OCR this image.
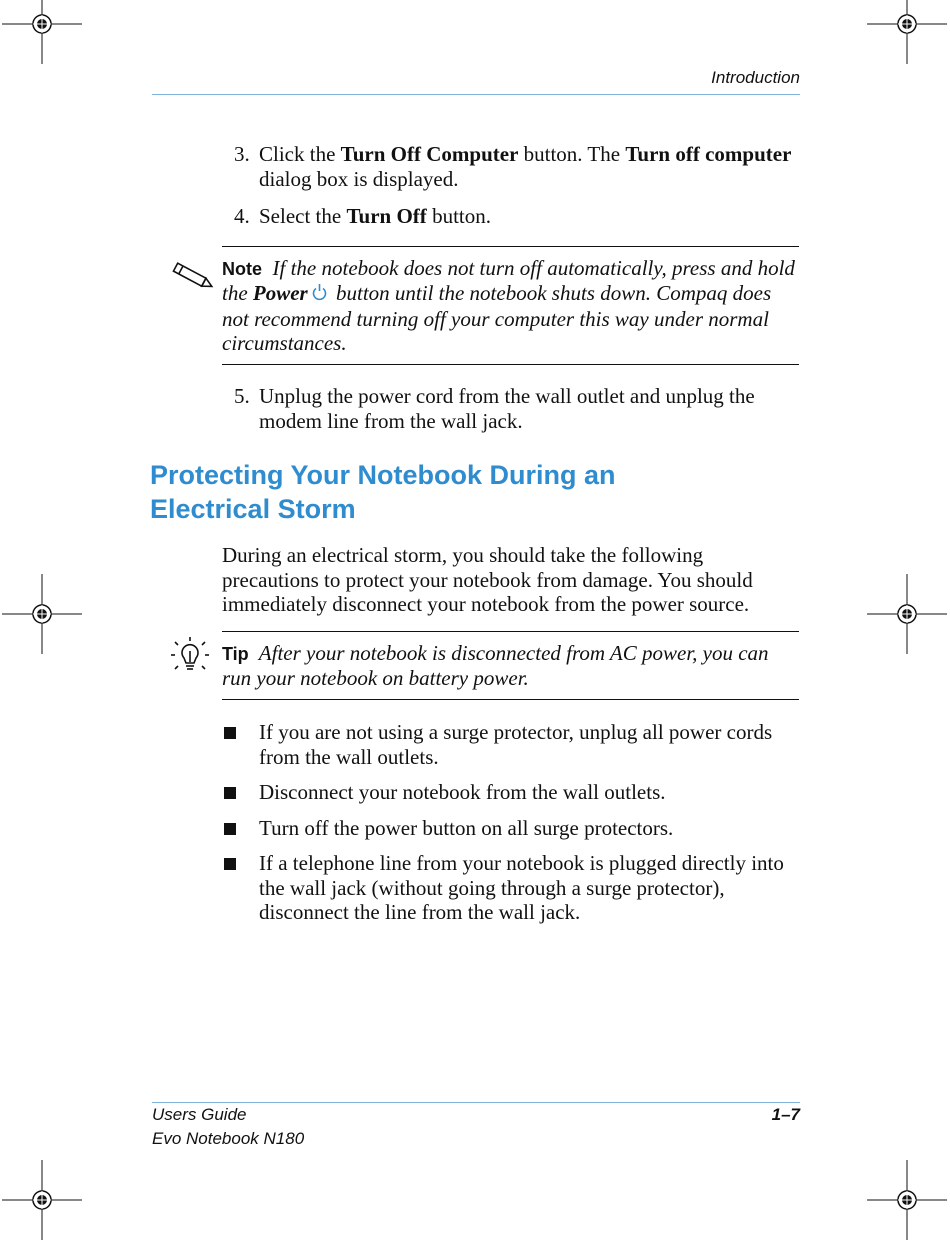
Introduction
3. Click the Turn Off Computer button. The Turn off computer dialog box is displayed.
4. Select the Turn Off button.
Note If the notebook does not turn off automatically, press and hold the Power button until the notebook shuts down. Compaq does not recommend turning off your computer this way under normal circumstances.
5. Unplug the power cord from the wall outlet and unplug the modem line from the wall jack.
Protecting Your Notebook During an
Electrical Storm
During an electrical storm, you should take the following precautions to protect your notebook from damage. You should immediately disconnect your notebook from the power source.
Tip After your notebook is disconnected from AC power, you can run your notebook on battery power.
If you are not using a surge protector, unplug all power cords from the wall outlets.
Disconnect your notebook from the wall outlets.
Turn off the power button on all surge protectors.
If a telephone line from your notebook is plugged directly into the wall jack (without going through a surge protector), disconnect the line from the wall jack.
Users Guide
Evo Notebook N180
1–7
